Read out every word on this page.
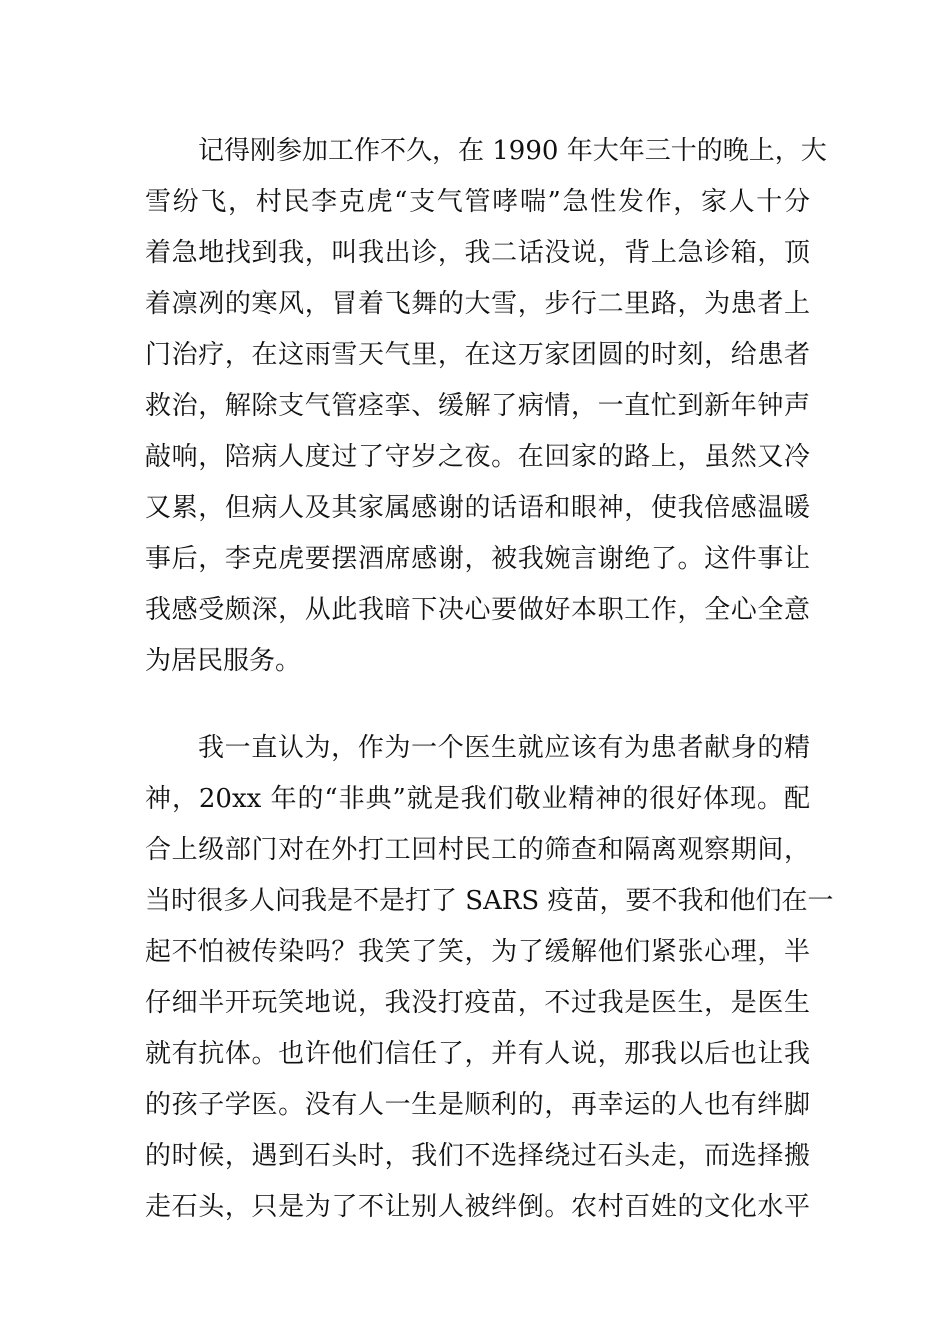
记得刚参加工作不久，在 1990 年大年三十的晚上，大
雪纷飞，村民李克虎“支气管哮喘”急性发作，家人十分
着急地找到我，叫我出诊，我二话没说，背上急诊箱，顶
着凛冽的寒风，冒着飞舞的大雪，步行二里路，为患者上
门治疗，在这雨雪天气里，在这万家团圆的时刻，给患者
救治，解除支气管痉挛、缓解了病情，一直忙到新年钟声
敲响，陪病人度过了守岁之夜。在回家的路上，虽然又冷
又累，但病人及其家属感谢的话语和眼神，使我倍感温暖
事后，李克虎要摆酒席感谢，被我婉言谢绝了。这件事让
我感受颇深，从此我暗下决心要做好本职工作，全心全意
为居民服务。
我一直认为，作为一个医生就应该有为患者献身的精
神，20xx 年的“非典”就是我们敬业精神的很好体现。配
合上级部门对在外打工回村民工的筛查和隔离观察期间，
当时很多人问我是不是打了 SARS 疫苗，要不我和他们在一
起不怕被传染吗？我笑了笑，为了缓解他们紧张心理，半
仔细半开玩笑地说，我没打疫苗，不过我是医生，是医生
就有抗体。也许他们信任了，并有人说，那我以后也让我
的孩子学医。没有人一生是顺利的，再幸运的人也有绊脚
的时候，遇到石头时，我们不选择绕过石头走，而选择搬
走石头，只是为了不让别人被绊倒。农村百姓的文化水平
